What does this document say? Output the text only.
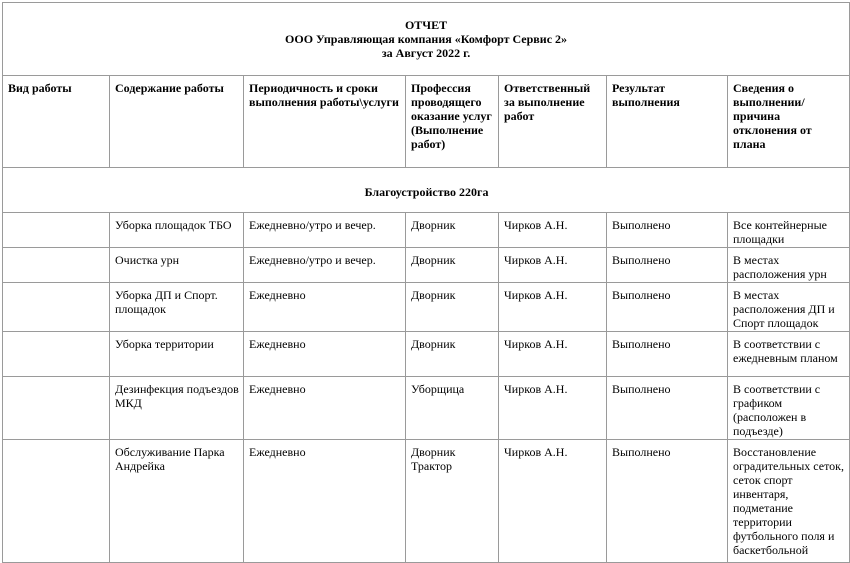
ОТЧЕТ
ООО Управляющая компания «Комфорт Сервис 2»
за Август 2022 г.						

Вид работы	Содержание работы	Периодичность и сроки выполнения работы\услуги	Профессия проводящего оказание услуг (Выполнение работ)	Ответственный за выполнение работ	Результат выполнения	Сведения о выполнении/ причина отклонения от плана
Благоустройство 220га						
	Уборка площадок ТБО	Ежедневно/утро и вечер.	Дворник	Чирков А.Н.	Выполнено	Все контейнерные площадки
	Очистка урн	Ежедневно/утро и вечер.	Дворник	Чирков А.Н.	Выполнено	В местах расположения урн
	Уборка ДП и Спорт. площадок	Ежедневно	Дворник	Чирков А.Н.	Выполнено	В местах расположения ДП и Спорт площадок
	Уборка территории	Ежедневно	Дворник	Чирков А.Н.	Выполнено	В соответствии с ежедневным планом
	Дезинфекция подъездов МКД	Ежедневно	Уборщица	Чирков А.Н.	Выполнено	В соответствии с графиком (расположен в подъезде)
	Обслуживание Парка Андрейка	Ежедневно	Дворник Трактор	Чирков А.Н.	Выполнено	Восстановление оградительных сеток, сеток спорт инвентаря, подметание территории футбольного поля и баскетбольной
